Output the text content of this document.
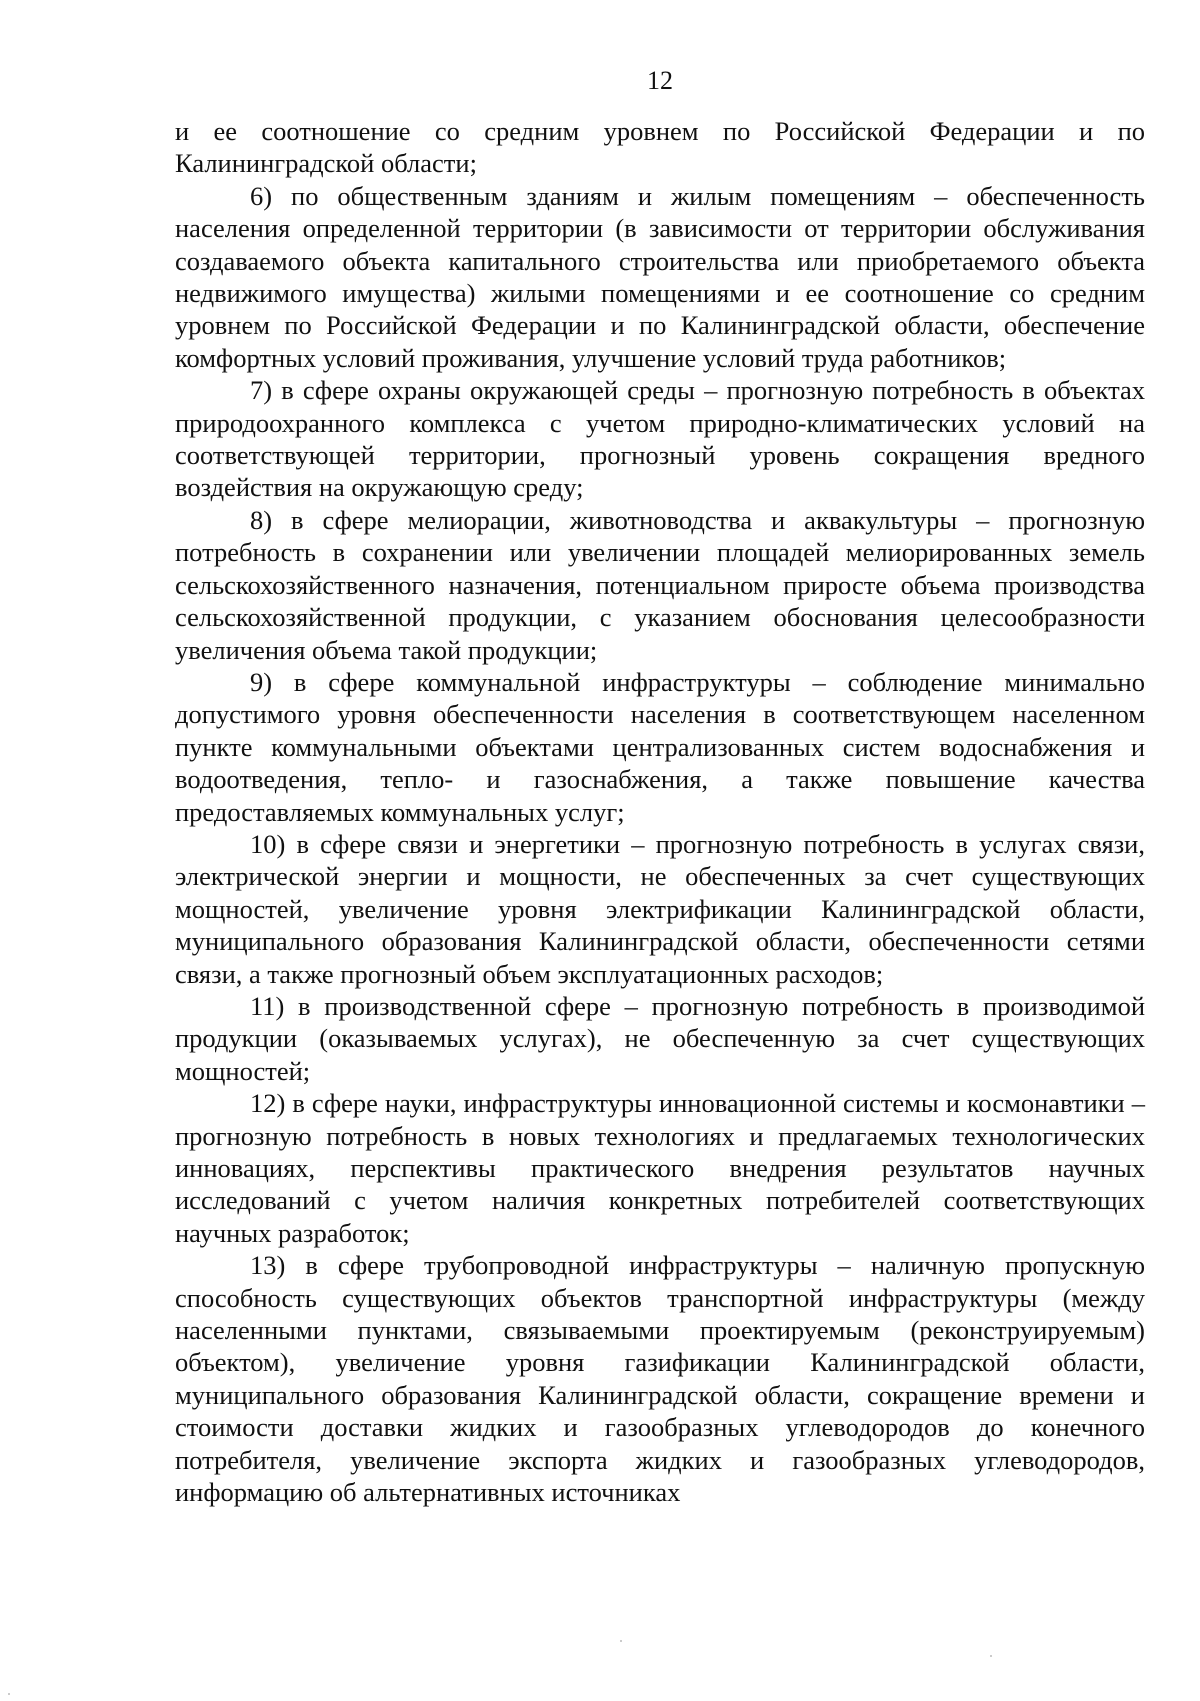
12

и ее соотношение со средним уровнем по Российской Федерации и по Калининградской области;

6) по общественным зданиям и жилым помещениям – обеспеченность населения определенной территории (в зависимости от территории обслуживания создаваемого объекта капитального строительства или приобретаемого объекта недвижимого имущества) жилыми помещениями и ее соотношение со средним уровнем по Российской Федерации и по Калининградской области, обеспечение комфортных условий проживания, улучшение условий труда работников;

7) в сфере охраны окружающей среды – прогнозную потребность в объектах природоохранного комплекса с учетом природно-климатических условий на соответствующей территории, прогнозный уровень сокращения вредного воздействия на окружающую среду;

8) в сфере мелиорации, животноводства и аквакультуры – прогнозную потребность в сохранении или увеличении площадей мелиорированных земель сельскохозяйственного назначения, потенциальном приросте объема производства сельскохозяйственной продукции, с указанием обоснования целесообразности увеличения объема такой продукции;

9) в сфере коммунальной инфраструктуры – соблюдение минимально допустимого уровня обеспеченности населения в соответствующем населенном пункте коммунальными объектами централизованных систем водоснабжения и водоотведения, тепло- и газоснабжения, а также повышение качества предоставляемых коммунальных услуг;

10) в сфере связи и энергетики – прогнозную потребность в услугах связи, электрической энергии и мощности, не обеспеченных за счет существующих мощностей, увеличение уровня электрификации Калининградской области, муниципального образования Калининградской области, обеспеченности сетями связи, а также прогнозный объем эксплуатационных расходов;

11) в производственной сфере – прогнозную потребность в производимой продукции (оказываемых услугах), не обеспеченную за счет существующих мощностей;

12) в сфере науки, инфраструктуры инновационной системы и космонавтики – прогнозную потребность в новых технологиях и предлагаемых технологических инновациях, перспективы практического внедрения результатов научных исследований с учетом наличия конкретных потребителей соответствующих научных разработок;

13) в сфере трубопроводной инфраструктуры – наличную пропускную способность существующих объектов транспортной инфраструктуры (между населенными пунктами, связываемыми проектируемым (реконструируемым) объектом), увеличение уровня газификации Калининградской области, муниципального образования Калининградской области, сокращение времени и стоимости доставки жидких и газообразных углеводородов до конечного потребителя, увеличение экспорта жидких и газообразных углеводородов, информацию об альтернативных источниках
